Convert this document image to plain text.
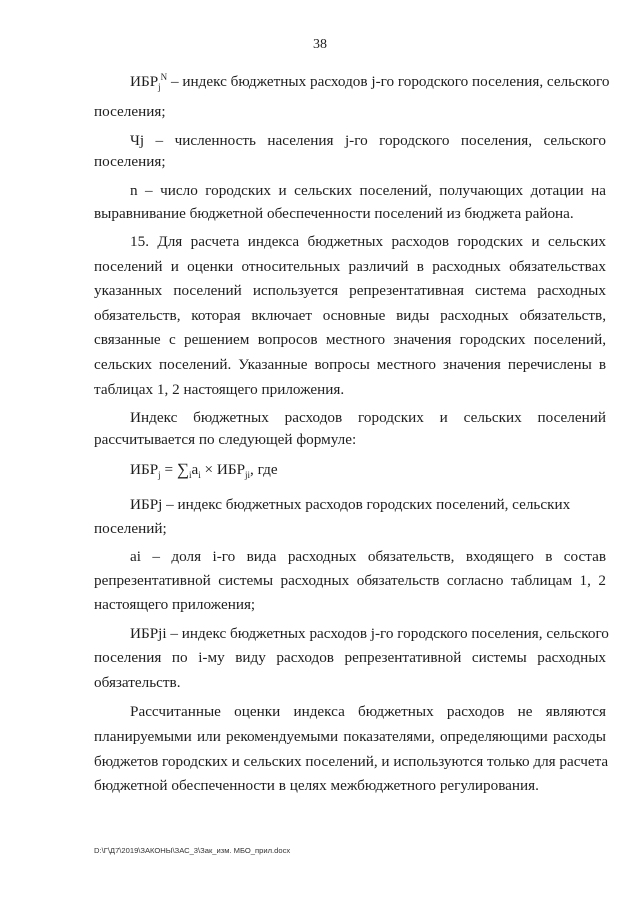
38
$ИБР_j^N$ – индекс бюджетных расходов j-го городского поселения, сельского
поселения;
Чj – численность населения j-го городского поселения, сельского
поселения;
n – число городских и сельских поселений, получающих дотации на
выравнивание бюджетной обеспеченности поселений из бюджета района.
15. Для расчета индекса бюджетных расходов городских и сельских
поселений и оценки относительных различий в расходных обязательствах
указанных поселений используется репрезентативная система расходных
обязательств, которая включает основные виды расходных обязательств,
связанные с решением вопросов местного значения городских поселений,
сельских поселений. Указанные вопросы местного значения перечислены в
таблицах 1, 2 настоящего приложения.
Индекс бюджетных расходов городских и сельских поселений
рассчитывается по следующей формуле:
$ИБР_j = \sum_ia_i \times ИБР_{ji}$, где
ИБРj – индекс бюджетных расходов городских поселений, сельских
поселений;
ai – доля i-го вида расходных обязательств, входящего в состав
репрезентативной системы расходных обязательств согласно таблицам 1, 2
настоящего приложения;
ИБРji – индекс бюджетных расходов j-го городского поселения, сельского
поселения по i-му виду расходов репрезентативной системы расходных
обязательств.
Рассчитанные оценки индекса бюджетных расходов не являются
планируемыми или рекомендуемыми показателями, определяющими расходы
бюджетов городских и сельских поселений, и используются только для расчета
бюджетной обеспеченности в целях межбюджетного регулирования.
D:\Г\Д7\2019\ЗАКОНЫ\ЗАС_3\Зак_изм. МБО_прил.docx
